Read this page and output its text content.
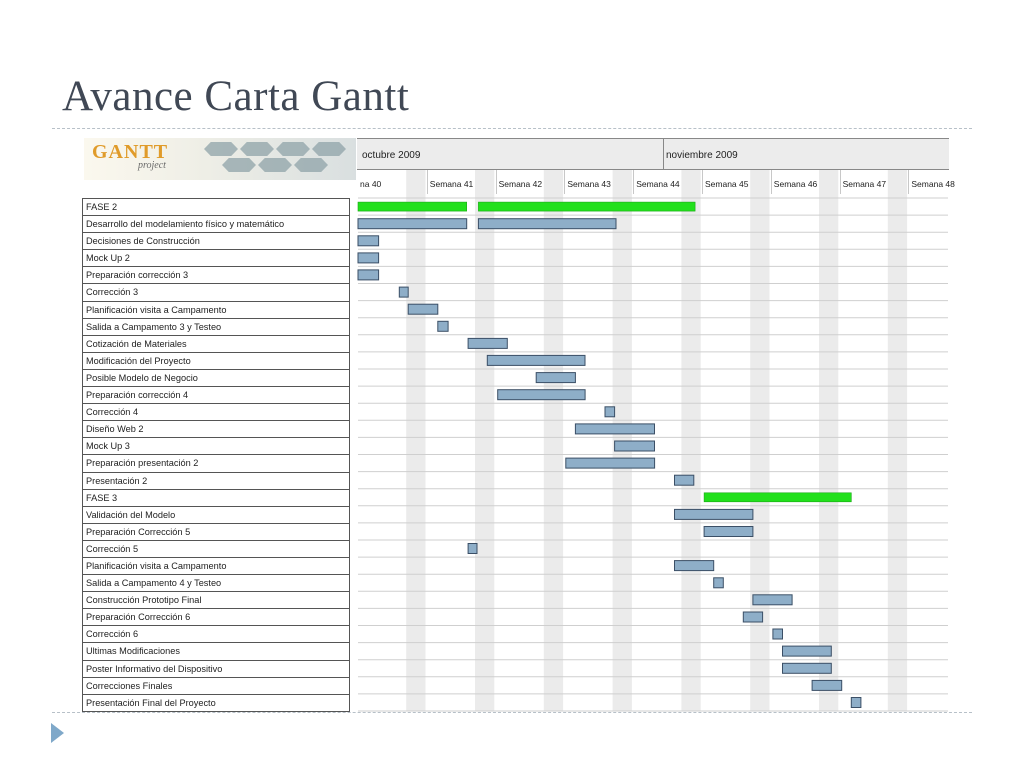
Avance Carta Gantt
GANTT
project
octubre 2009	noviembre 2009
na 40	Semana 41	Semana 42	Semana 43	Semana 44	Semana 45	Semana 46	Semana 47	Semana 48
FASE 2
Desarrollo del modelamiento físico y matemático
Decisiones de Construcción
Mock Up 2
Preparación corrección 3
Corrección 3
Planificación visita a Campamento
Salida a Campamento 3 y Testeo
Cotización de Materiales
Modificación del Proyecto
Posible Modelo de Negocio
Preparación corrección 4
Corrección 4
Diseño Web 2
Mock Up 3
Preparación presentación 2
Presentación 2
FASE 3
Validación del Modelo
Preparación Corrección 5
Corrección 5
Planificación visita a Campamento
Salida a Campamento 4 y Testeo
Construcción Prototipo Final
Preparación Corrección 6
Corrección 6
Ultimas Modificaciones
Poster Informativo del Dispositivo
Correcciones Finales
Presentación Final del Proyecto
